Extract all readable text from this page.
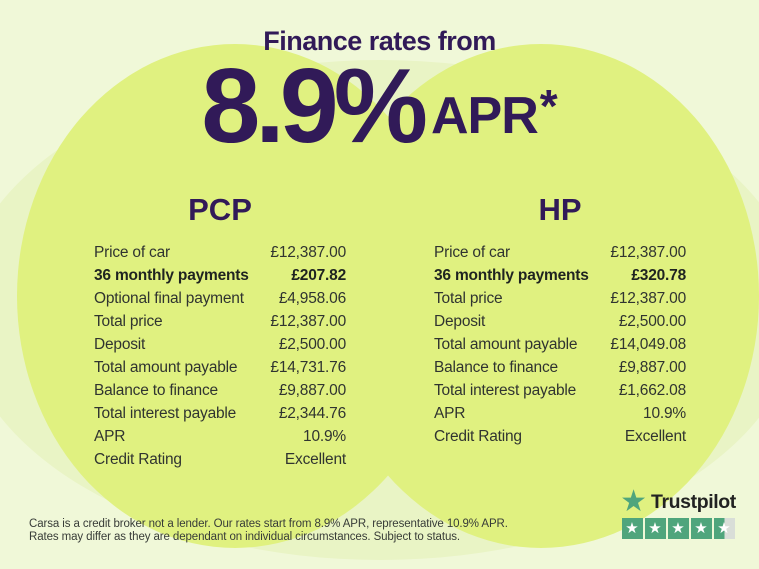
Finance rates from
8.9% APR *
PCP
Price of car	£12,387.00
36 monthly payments	£207.82
Optional final payment £4,958.06
Total price	£12,387.00
Deposit	£2,500.00
Total amount payable £14,731.76
Balance to finance	£9,887.00
Total interest payable	£2,344.76
APR	10.9%
Credit Rating	Excellent
HP
Price of car	£12,387.00
36 monthly payments	£320.78
Total price	£12,387.00
Deposit	£2,500.00
Total amount payable £14,049.08
Balance to finance	£9,887.00
Total interest payable	£1,662.08
APR	10.9%
Credit Rating	Excellent
Carsa is a credit broker not a lender. Our rates start from 8.9% APR, representative 10.9% APR.
Rates may differ as they are dependant on individual circumstances. Subject to status.
★ Trustpilot
★ ★ ★ ★ ★
